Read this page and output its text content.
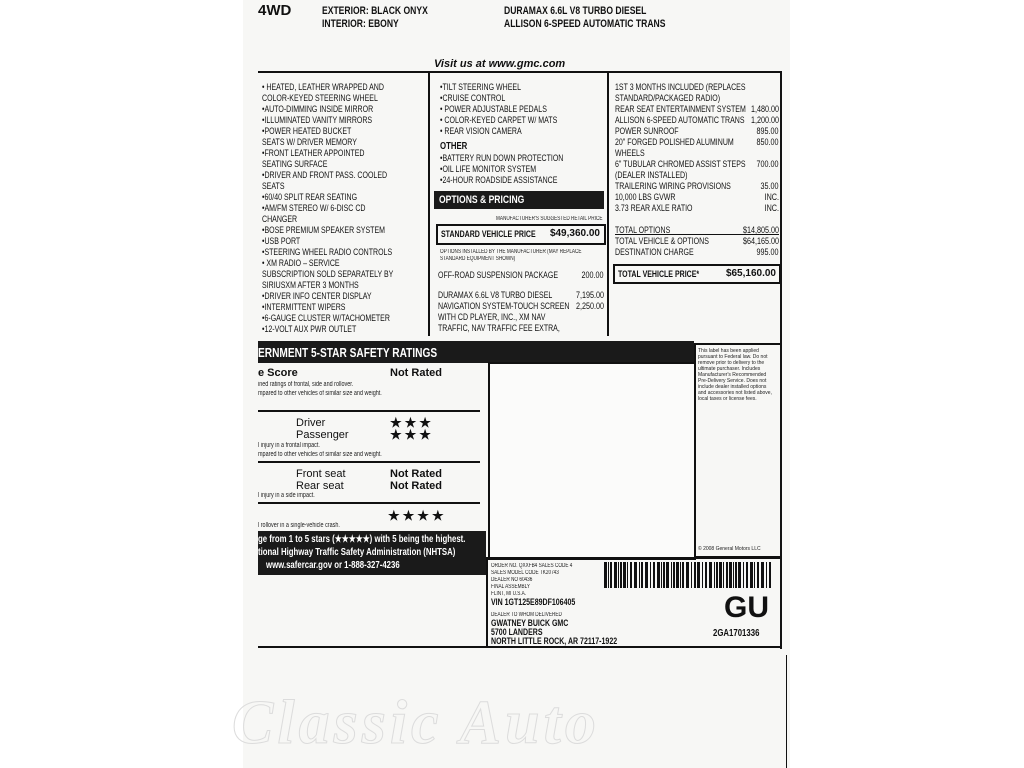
4WD	EXTERIOR: BLACK ONYX
INTERIOR: EBONY
DURAMAX 6.6L V8 TURBO DIESEL
ALLISON 6-SPEED AUTOMATIC TRANS
Visit us at www.gmc.com
• HEATED, LEATHER WRAPPED AND
COLOR-KEYED STEERING WHEEL
•AUTO-DIMMING INSIDE MIRROR
•ILLUMINATED VANITY MIRRORS
•POWER HEATED BUCKET
SEATS W/ DRIVER MEMORY
•FRONT LEATHER APPOINTED
SEATING SURFACE
•DRIVER AND FRONT PASS. COOLED
SEATS
•60/40 SPLIT REAR SEATING
•AM/FM STEREO W/ 6-DISC CD
CHANGER
•BOSE PREMIUM SPEAKER SYSTEM
•USB PORT
•STEERING WHEEL RADIO CONTROLS
• XM RADIO – SERVICE
SUBSCRIPTION SOLD SEPARATELY BY
SIRIUSXM AFTER 3 MONTHS
•DRIVER INFO CENTER DISPLAY
•INTERMITTENT WIPERS
•6-GAUGE CLUSTER W/TACHOMETER
•12-VOLT AUX PWR OUTLET
•TILT STEERING WHEEL
•CRUISE CONTROL
• POWER ADJUSTABLE PEDALS
• COLOR-KEYED CARPET W/ MATS
• REAR VISION CAMERA
OTHER
•BATTERY RUN DOWN PROTECTION
•OIL LIFE MONITOR SYSTEM
•24-HOUR ROADSIDE ASSISTANCE
OPTIONS & PRICING
MANUFACTURER'S SUGGESTED RETAIL PRICE
STANDARD VEHICLE PRICE $49,360.00
OPTIONS INSTALLED BY THE MANUFACTURER (MAY REPLACE
STANDARD EQUIPMENT SHOWN)
OFF-ROAD SUSPENSION PACKAGE	200.00
DURAMAX 6.6L V8 TURBO DIESEL	7,195.00
NAVIGATION SYSTEM-TOUCH SCREEN 2,250.00
WITH CD PLAYER, INC., XM NAV
TRAFFIC, NAV TRAFFIC FEE EXTRA,
1ST 3 MONTHS INCLUDED (REPLACES
STANDARD/PACKAGED RADIO)
REAR SEAT ENTERTAINMENT SYSTEM 1,480.00
ALLISON 6-SPEED AUTOMATIC TRANS 1,200.00
POWER SUNROOF	895.00
20" FORGED POLISHED ALUMINUM	850.00
WHEELS
6" TUBULAR CHROMED ASSIST STEPS 700.00
(DEALER INSTALLED)
TRAILERING WIRING PROVISIONS	35.00
10,000 LBS GVWR	INC.
3.73 REAR AXLE RATIO	INC.
TOTAL OPTIONS	$14,805.00
TOTAL VEHICLE & OPTIONS	$64,165.00
DESTINATION CHARGE	995.00
TOTAL VEHICLE PRICE*	$65,160.00
ERNMENT 5-STAR SAFETY RATINGS
e Score	Not Rated
ined ratings of frontal, side and rollover.
mpared to other vehicles of similar size and weight.
Driver	★★★
Passenger	★★★
l injury in a frontal impact.
mpared to other vehicles of similar size and weight.
Front seat	Not Rated
Rear seat	Not Rated
l injury in a side impact.
★★★★
l rollover in a single-vehicle crash.
ge from 1 to 5 stars (★★★★★) with 5 being the highest.
tional Highway Traffic Safety Administration (NHTSA)
www.safercar.gov or 1-888-327-4236
This label has been applied pursuant to Federal law. Do not remove prior to delivery to the ultimate purchaser. Includes Manufacturer's Recommended Pre-Delivery Service. Does not include dealer installed options and accessories not listed above, local taxes or license fees.
© 2008 General Motors LLC
ORDER NO. QXXFB4 SALES CODE 4
SALES MODEL CODE TK20743
DEALER NO 60436
FINAL ASSEMBLY
FLINT, MI U.S.A.
VIN 1GT125E89DF106405
DEALER TO WHOM DELIVERED
GWATNEY BUICK GMC
5700 LANDERS
NORTH LITTLE ROCK, AR 72117-1922
GU
2GA1701336
Classic Auto
